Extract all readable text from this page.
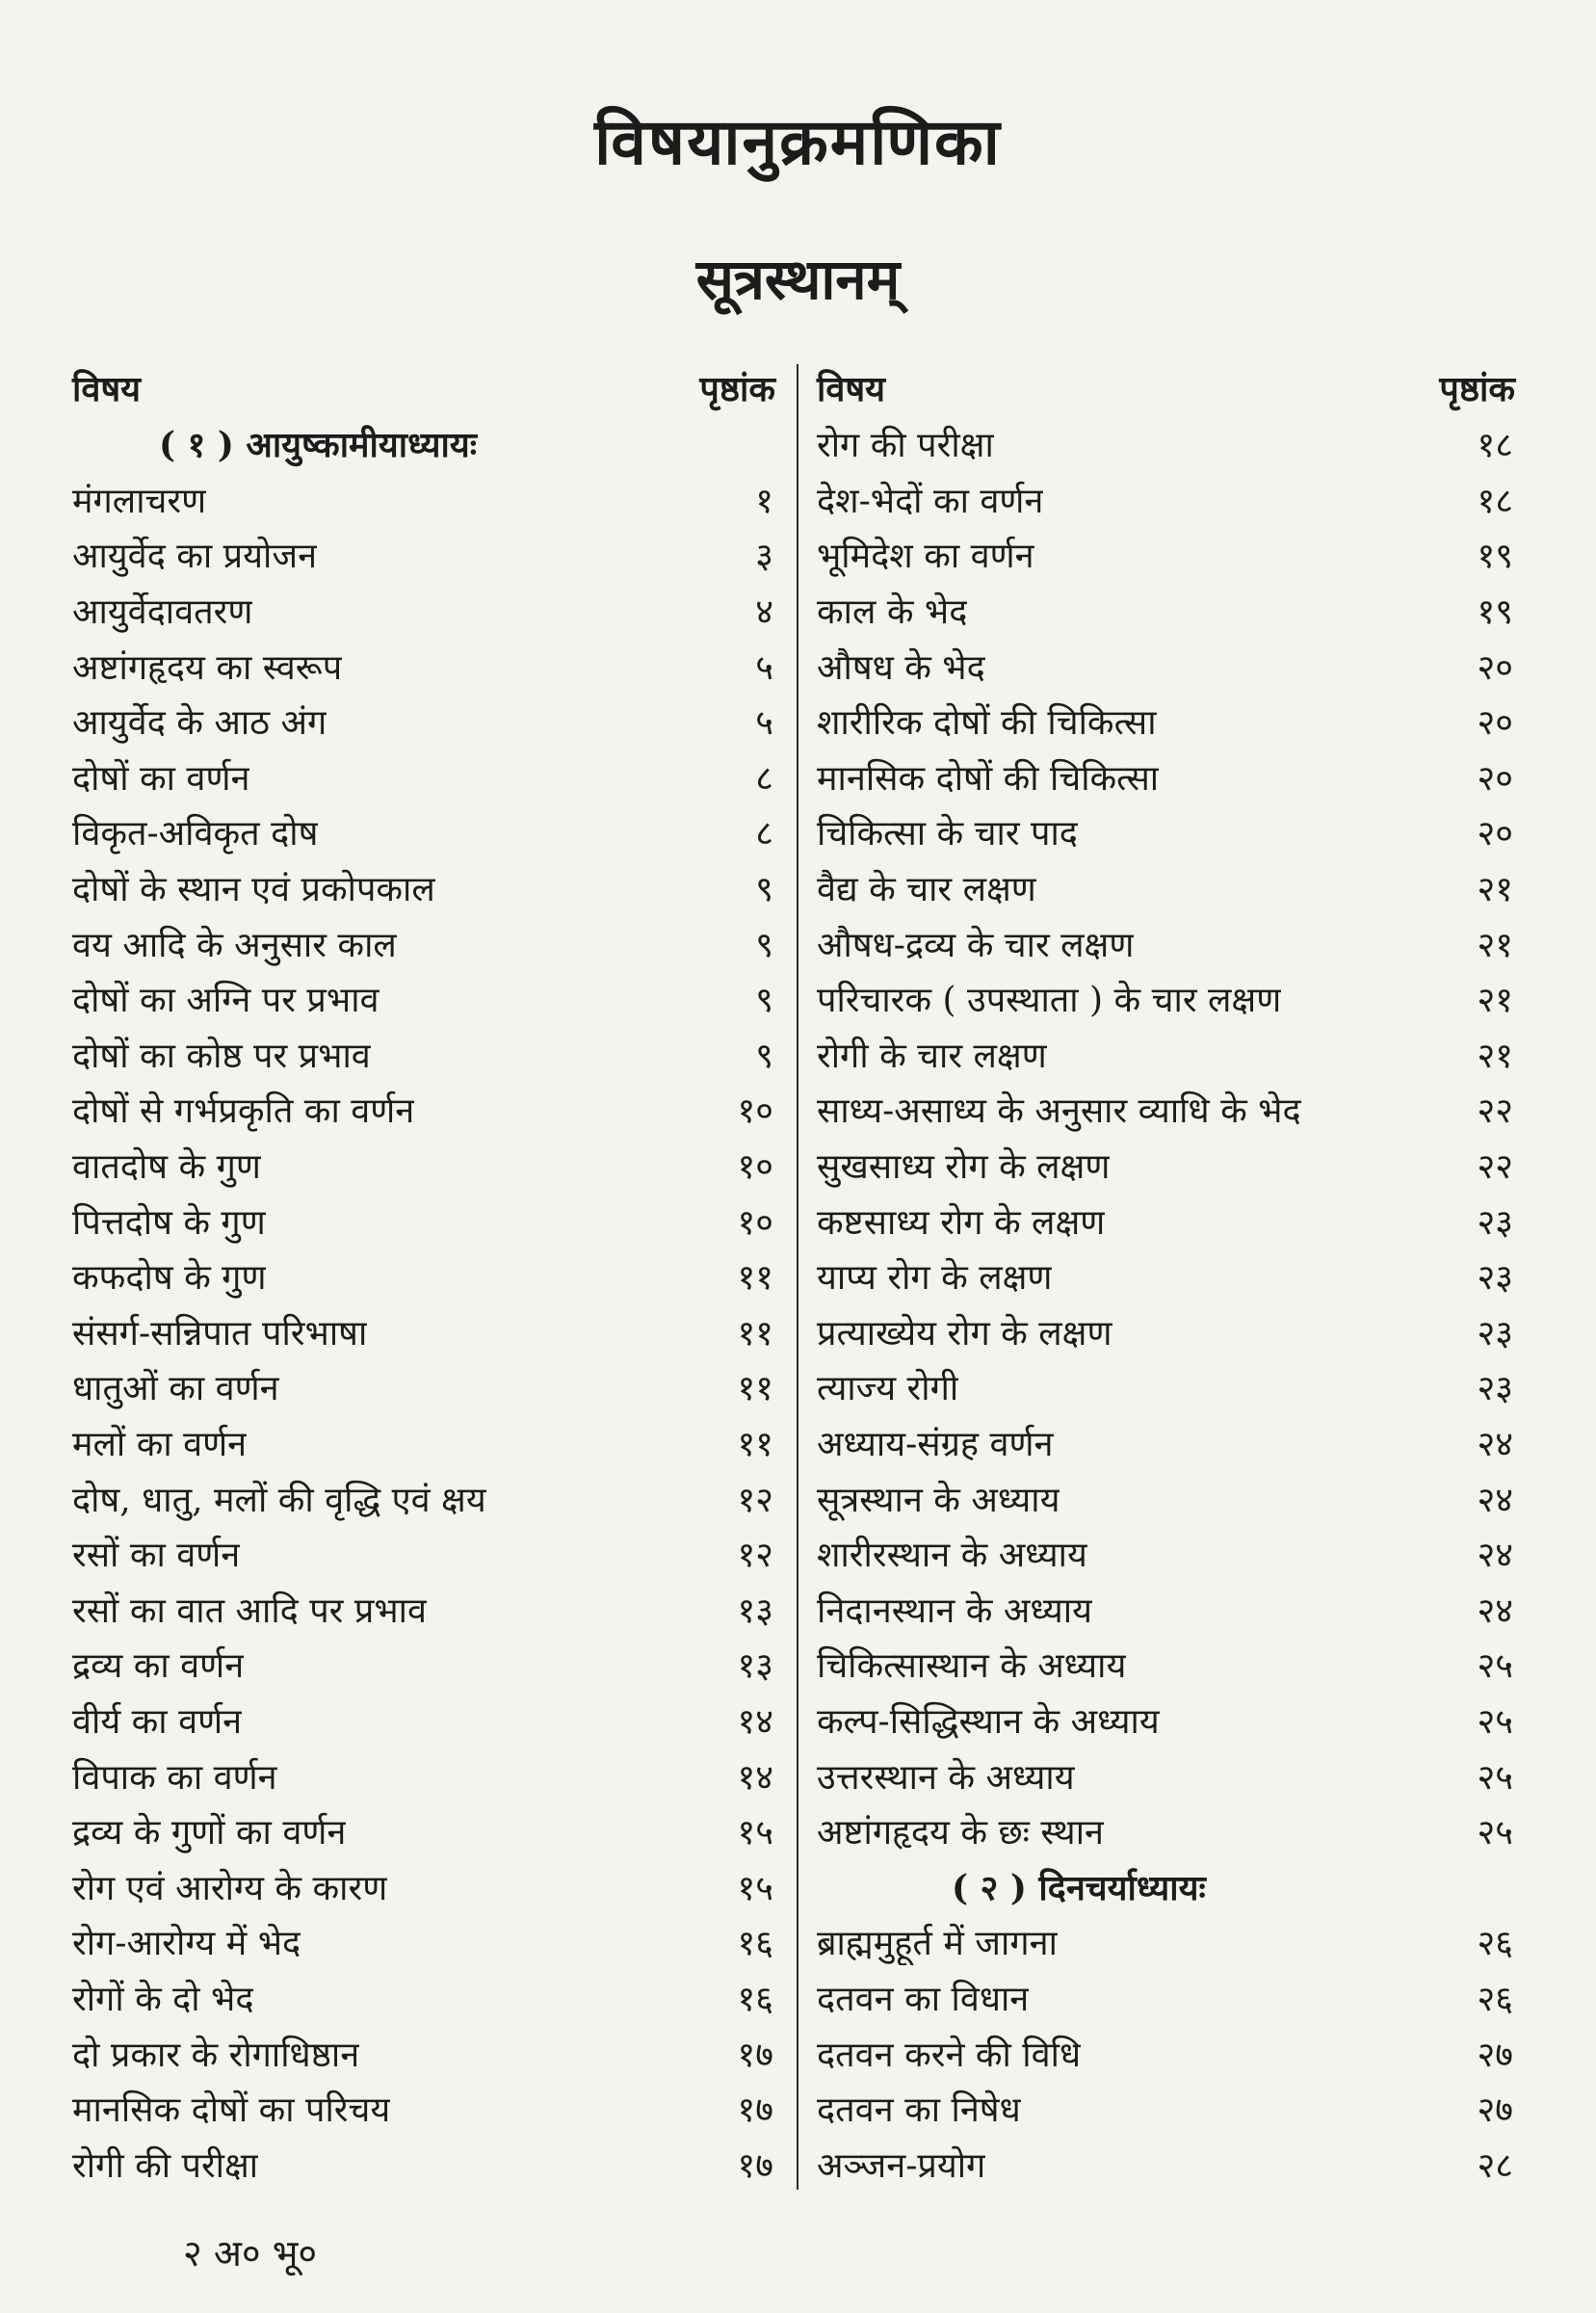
विषयानुक्रमणिका
सूत्रस्थानम्
विषय	पृष्ठांक
( १ ) आयुष्कामीयाध्यायः
मंगलाचरण	१
आयुर्वेद का प्रयोजन	३
आयुर्वेदावतरण	४
अष्टांगहृदय का स्वरूप	५
आयुर्वेद के आठ अंग	५
दोषों का वर्णन	८
विकृत-अविकृत दोष	८
दोषों के स्थान एवं प्रकोपकाल	९
वय आदि के अनुसार काल	९
दोषों का अग्नि पर प्रभाव	९
दोषों का कोष्ठ पर प्रभाव	९
दोषों से गर्भप्रकृति का वर्णन	१०
वातदोष के गुण	१०
पित्तदोष के गुण	१०
कफदोष के गुण	११
संसर्ग-सन्निपात परिभाषा	११
धातुओं का वर्णन	११
मलों का वर्णन	११
दोष, धातु, मलों की वृद्धि एवं क्षय	१२
रसों का वर्णन	१२
रसों का वात आदि पर प्रभाव	१३
द्रव्य का वर्णन	१३
वीर्य का वर्णन	१४
विपाक का वर्णन	१४
द्रव्य के गुणों का वर्णन	१५
रोग एवं आरोग्य के कारण	१५
रोग-आरोग्य में भेद	१६
रोगों के दो भेद	१६
दो प्रकार के रोगाधिष्ठान	१७
मानसिक दोषों का परिचय	१७
रोगी की परीक्षा	१७
विषय	पृष्ठांक
रोग की परीक्षा	१८
देश-भेदों का वर्णन	१८
भूमिदेश का वर्णन	१९
काल के भेद	१९
औषध के भेद	२०
शारीरिक दोषों की चिकित्सा	२०
मानसिक दोषों की चिकित्सा	२०
चिकित्सा के चार पाद	२०
वैद्य के चार लक्षण	२१
औषध-द्रव्य के चार लक्षण	२१
परिचारक ( उपस्थाता ) के चार लक्षण	२१
रोगी के चार लक्षण	२१
साध्य-असाध्य के अनुसार व्याधि के भेद	२२
सुखसाध्य रोग के लक्षण	२२
कष्टसाध्य रोग के लक्षण	२३
याप्य रोग के लक्षण	२३
प्रत्याख्येय रोग के लक्षण	२३
त्याज्य रोगी	२३
अध्याय-संग्रह वर्णन	२४
सूत्रस्थान के अध्याय	२४
शारीरस्थान के अध्याय	२४
निदानस्थान के अध्याय	२४
चिकित्सास्थान के अध्याय	२५
कल्प-सिद्धिस्थान के अध्याय	२५
उत्तरस्थान के अध्याय	२५
अष्टांगहृदय के छः स्थान	२५
( २ ) दिनचर्याध्यायः
ब्राह्ममुहूर्त में जागना	२६
दतवन का विधान	२६
दतवन करने की विधि	२७
दतवन का निषेध	२७
अञ्जन-प्रयोग	२८
२ अ० भू०
